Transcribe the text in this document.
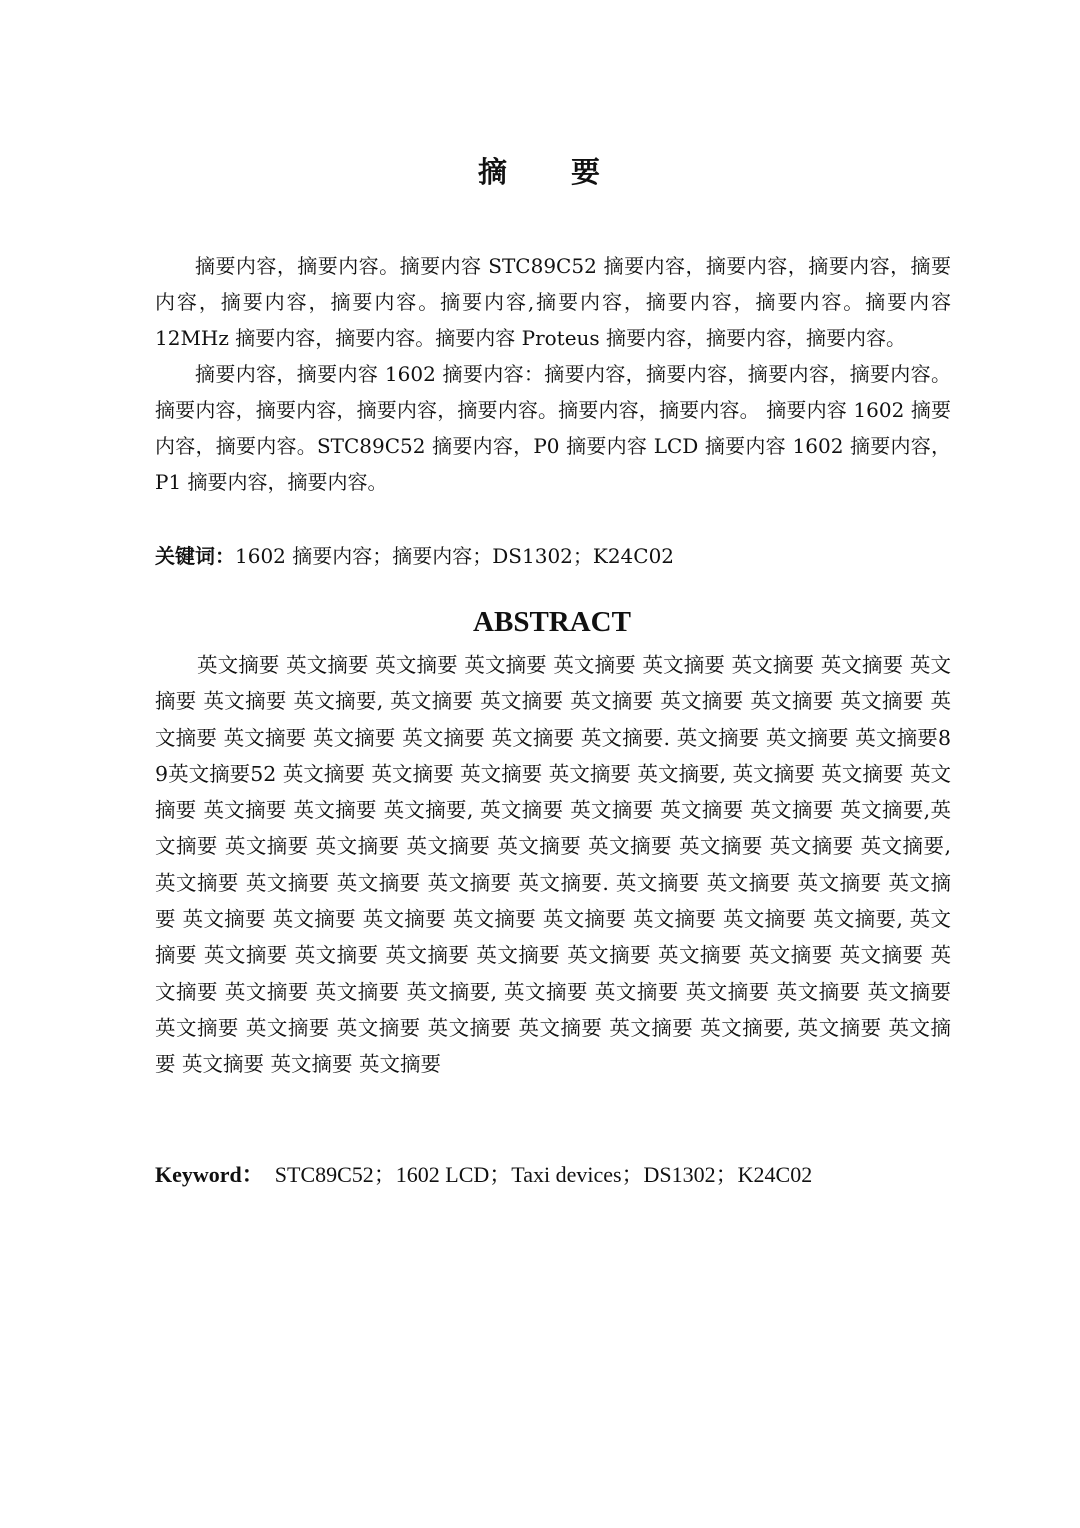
摘　　要

摘要内容，摘要内容。摘要内容 STC89C52 摘要内容，摘要内容，摘要内容，摘要内容，摘要内容，摘要内容。摘要内容,摘要内容，摘要内容，摘要内容。摘要内容 12MHz 摘要内容，摘要内容。摘要内容 Proteus 摘要内容，摘要内容，摘要内容。

摘要内容，摘要内容 1602 摘要内容：摘要内容，摘要内容，摘要内容，摘要内容。摘要内容，摘要内容，摘要内容，摘要内容。摘要内容，摘要内容。 摘要内容 1602 摘要内容，摘要内容。STC89C52 摘要内容，P0 摘要内容 LCD 摘要内容 1602 摘要内容，P1 摘要内容，摘要内容。

关键词：1602 摘要内容；摘要内容；DS1302；K24C02
ABSTRACT

英文摘要 英文摘要 英文摘要 英文摘要 英文摘要 英文摘要 英文摘要 英文摘要 英文摘要 英文摘要 英文摘要, 英文摘要 英文摘要 英文摘要 英文摘要 英文摘要 英文摘要 英文摘要 英文摘要 英文摘要 英文摘要 英文摘要 英文摘要. 英文摘要 英文摘要 英文摘要89英文摘要52 英文摘要 英文摘要 英文摘要 英文摘要 英文摘要, 英文摘要 英文摘要 英文摘要 英文摘要 英文摘要 英文摘要, 英文摘要 英文摘要 英文摘要 英文摘要 英文摘要,英文摘要 英文摘要 英文摘要 英文摘要 英文摘要 英文摘要 英文摘要 英文摘要 英文摘要, 英文摘要 英文摘要 英文摘要 英文摘要 英文摘要. 英文摘要 英文摘要 英文摘要 英文摘要 英文摘要 英文摘要 英文摘要 英文摘要 英文摘要 英文摘要 英文摘要 英文摘要, 英文摘要 英文摘要 英文摘要 英文摘要 英文摘要 英文摘要 英文摘要 英文摘要 英文摘要 英文摘要 英文摘要 英文摘要 英文摘要, 英文摘要 英文摘要 英文摘要 英文摘要 英文摘要 英文摘要 英文摘要 英文摘要 英文摘要 英文摘要 英文摘要 英文摘要, 英文摘要 英文摘要 英文摘要 英文摘要 英文摘要

Keyword： STC89C52；1602 LCD；Taxi devices；DS1302；K24C02
